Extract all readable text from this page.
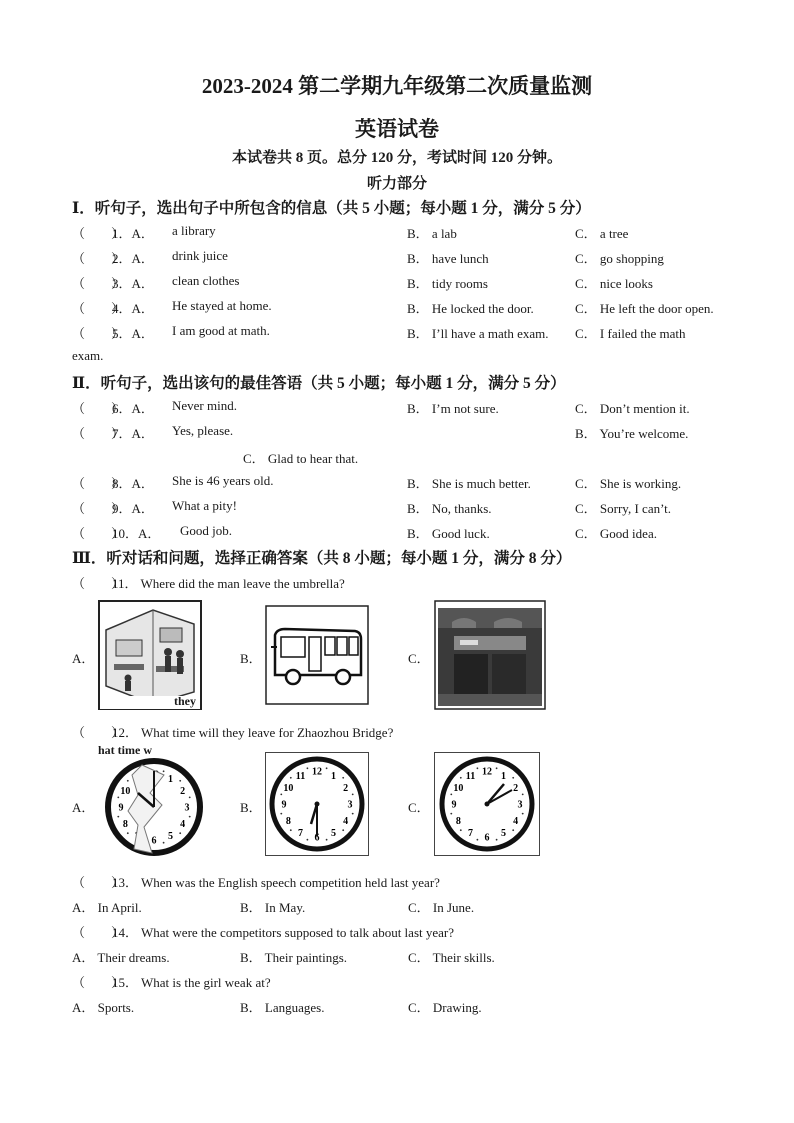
2023-2024 第二学期九年级第二次质量监测
英语试卷
本试卷共 8 页。总分 120 分，考试时间 120 分钟。
听力部分
Ⅰ．听句子，选出句子中所包含的信息（共 5 小题；每小题 1 分，满分 5 分）
（　　）
1．A． a library	B． a lab	C． a tree
（　　）
2．A． drink juice	B． have lunch	C． go shopping
（　　）
3．A． clean clothes	B． tidy rooms	C． nice looks
（　　）
4．A． He stayed at home.	B． He locked the door.	C． He left the door open.
（　　）
5．A． I am good at math.	B． I’ll have a math exam. C． I failed the math
exam.
Ⅱ．听句子，选出该句的最佳答语（共 5 小题；每小题 1 分，满分 5 分）
（　　）
6．A． Never mind.	B． I’m not sure.	C． Don’t mention it.
（　　）
7．A． Yes, please.	B． You’re welcome.
C． Glad to hear that.
（　　）
8．A． She is 46 years old.	B． She is much better.	C． She is working.
（　　）
9．A． What a pity!	B． No, thanks.	C． Sorry, I can’t.
（　　）
10．A． Good job.	B． Good luck.	C． Good idea.
Ⅲ．听对话和问题，选择正确答案（共 8 小题；每小题 1 分，满分 8 分）
（　　）
11． Where did the man leave the umbrella?
A．
they
B．	C．
（　　）
12． What time will they leave for Zhaozhou Bridge?
A．
hat time w
1
2
3
4
5
6
8
9
10
B．
1
2
3
4
5
6
7
8
9
10
11 12
C．
1
2
3
4
5
6
7
8
9
10
11 12
（　　）
13． When was the English speech competition held last year?
A． In April.	B． In May.	C． In June.
（　　）
14． What were the competitors supposed to talk about last year?
A． Their dreams.	B． Their paintings.	C． Their skills.
（　　）
15． What is the girl weak at?
A． Sports.	B． Languages.	C． Drawing.
